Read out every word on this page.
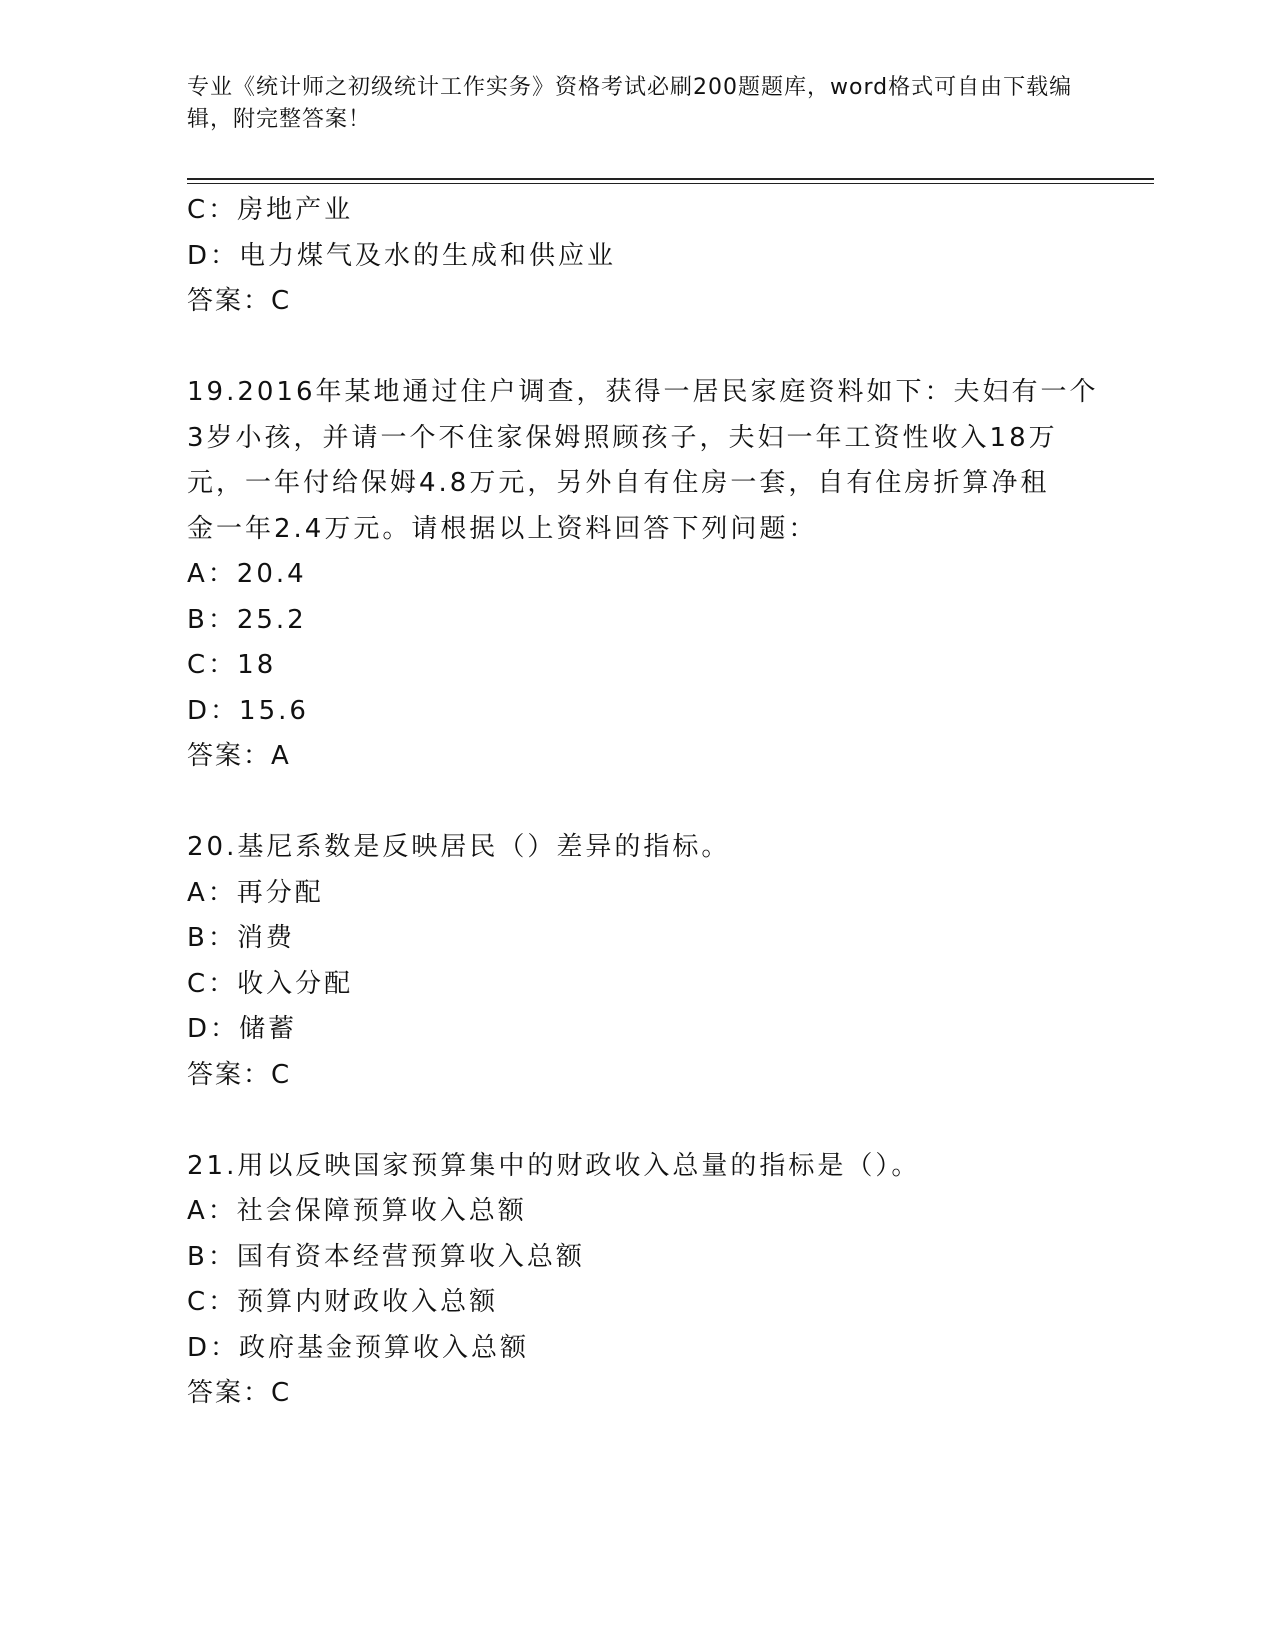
专业《统计师之初级统计工作实务》资格考试必刷200题题库，word格式可自由下载编辑，附完整答案！
C：房地产业
D：电力煤气及水的生成和供应业
答案：C
19.2016年某地通过住户调查，获得一居民家庭资料如下：夫妇有一个
3岁小孩，并请一个不住家保姆照顾孩子，夫妇一年工资性收入18万
元，一年付给保姆4.8万元，另外自有住房一套，自有住房折算净租
金一年2.4万元。请根据以上资料回答下列问题：
A：20.4
B：25.2
C：18
D：15.6
答案：A
20.基尼系数是反映居民（）差异的指标。
A：再分配
B：消费
C：收入分配
D：储蓄
答案：C
21.用以反映国家预算集中的财政收入总量的指标是（）。
A：社会保障预算收入总额
B：国有资本经营预算收入总额
C：预算内财政收入总额
D：政府基金预算收入总额
答案：C
